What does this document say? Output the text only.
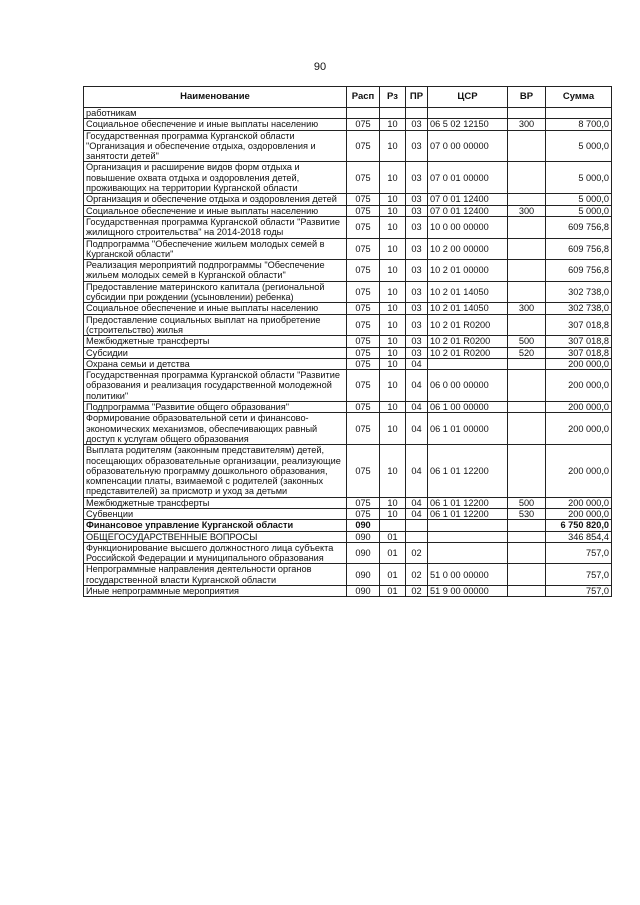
90
Наименование	Расп	Рз	ПР	ЦСР	ВР	Сумма
работникам						
Социальное обеспечение и иные выплаты населению	075	10	03	06 5 02 12150	300	8 700,0
Государственная программа Курганской области "Организация и обеспечение отдыха, оздоровления и занятости детей"	075	10	03	07 0 00 00000		5 000,0
Организация и расширение видов форм отдыха и повышение охвата отдыха и оздоровления детей, проживающих на территории Курганской области	075	10	03	07 0 01 00000		5 000,0
Организация и обеспечение отдыха и оздоровления детей	075	10	03	07 0 01 12400		5 000,0
Социальное обеспечение и иные выплаты населению	075	10	03	07 0 01 12400	300	5 000,0
Государственная программа Курганской области "Развитие жилищного строительства" на 2014-2018 годы	075	10	03	10 0 00 00000		609 756,8
Подпрограмма "Обеспечение жильем молодых семей в Курганской области"	075	10	03	10 2 00 00000		609 756,8
Реализация мероприятий подпрограммы "Обеспечение жильем молодых семей в Курганской области"	075	10	03	10 2 01 00000		609 756,8
Предоставление материнского капитала (региональной субсидии при рождении (усыновлении) ребенка)	075	10	03	10 2 01 14050		302 738,0
Социальное обеспечение и иные выплаты населению	075	10	03	10 2 01 14050	300	302 738,0
Предоставление социальных выплат на приобретение (строительство) жилья	075	10	03	10 2 01 R0200		307 018,8
Межбюджетные трансферты	075	10	03	10 2 01 R0200	500	307 018,8
Субсидии	075	10	03	10 2 01 R0200	520	307 018,8
Охрана семьи и детства	075	10	04			200 000,0
Государственная программа Курганской области "Развитие образования и реализация государственной молодежной политики"	075	10	04	06 0 00 00000		200 000,0
Подпрограмма "Развитие общего образования"	075	10	04	06 1 00 00000		200 000,0
Формирование образовательной сети и финансово-экономических механизмов, обеспечивающих равный доступ к услугам общего образования	075	10	04	06 1 01 00000		200 000,0
Выплата родителям (законным представителям) детей, посещающих образовательные организации, реализующие образовательную программу дошкольного образования, компенсации платы, взимаемой с родителей (законных представителей) за присмотр и уход за детьми	075	10	04	06 1 01 12200		200 000,0
Межбюджетные трансферты	075	10	04	06 1 01 12200	500	200 000,0
Субвенции	075	10	04	06 1 01 12200	530	200 000,0
Финансовое управление Курганской области	090					6 750 820,0
ОБЩЕГОСУДАРСТВЕННЫЕ ВОПРОСЫ	090	01				346 854,4
Функционирование высшего должностного лица субъекта Российской Федерации и муниципального образования	090	01	02			757,0
Непрограммные направления деятельности органов государственной власти Курганской области	090	01	02	51 0 00 00000		757,0
Иные непрограммные мероприятия	090	01	02	51 9 00 00000		757,0
